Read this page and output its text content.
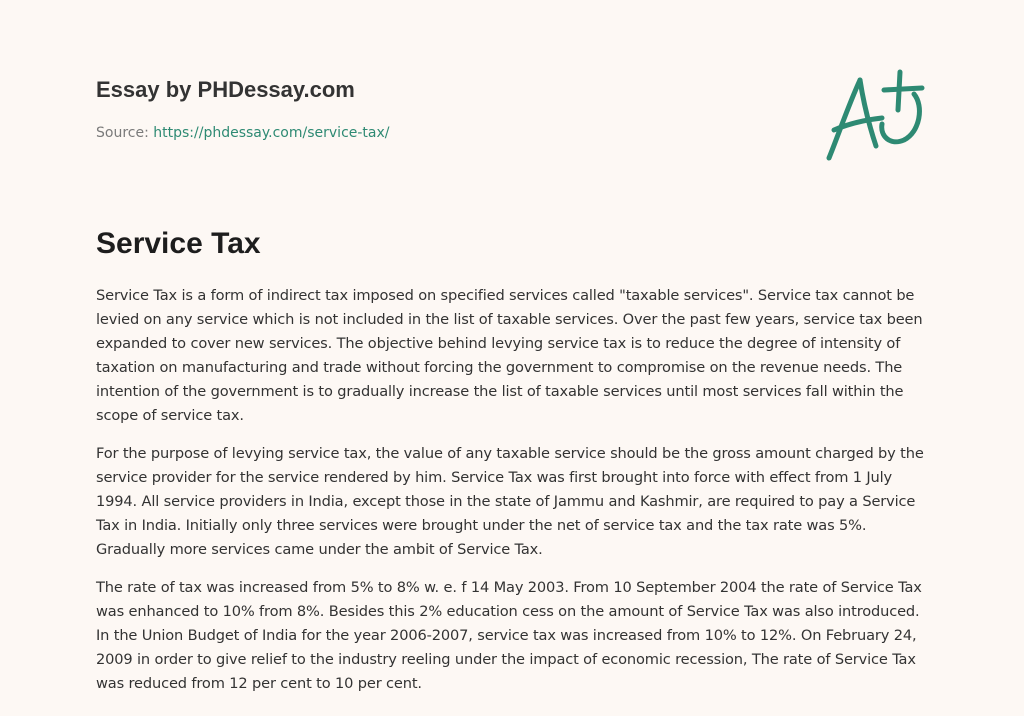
Essay by PHDessay.com
Source: https://phdessay.com/service-tax/
Service Tax

Service Tax is a form of indirect tax imposed on specified services called "taxable services". Service tax cannot be levied on any service which is not included in the list of taxable services. Over the past few years, service tax been expanded to cover new services. The objective behind levying service tax is to reduce the degree of intensity of taxation on manufacturing and trade without forcing the government to compromise on the revenue needs. The intention of the government is to gradually increase the list of taxable services until most services fall within the scope of service tax.

For the purpose of levying service tax, the value of any taxable service should be the gross amount charged by the service provider for the service rendered by him. Service Tax was first brought into force with effect from 1 July 1994. All service providers in India, except those in the state of Jammu and Kashmir, are required to pay a Service Tax in India. Initially only three services were brought under the net of service tax and the tax rate was 5%. Gradually more services came under the ambit of Service Tax.

The rate of tax was increased from 5% to 8% w. e. f 14 May 2003. From 10 September 2004 the rate of Service Tax was enhanced to 10% from 8%. Besides this 2% education cess on the amount of Service Tax was also introduced. In the Union Budget of India for the year 2006-2007, service tax was increased from 10% to 12%. On February 24, 2009 in order to give relief to the industry reeling under the impact of economic recession, The rate of Service Tax was reduced from 12 per cent to 10 per cent.
